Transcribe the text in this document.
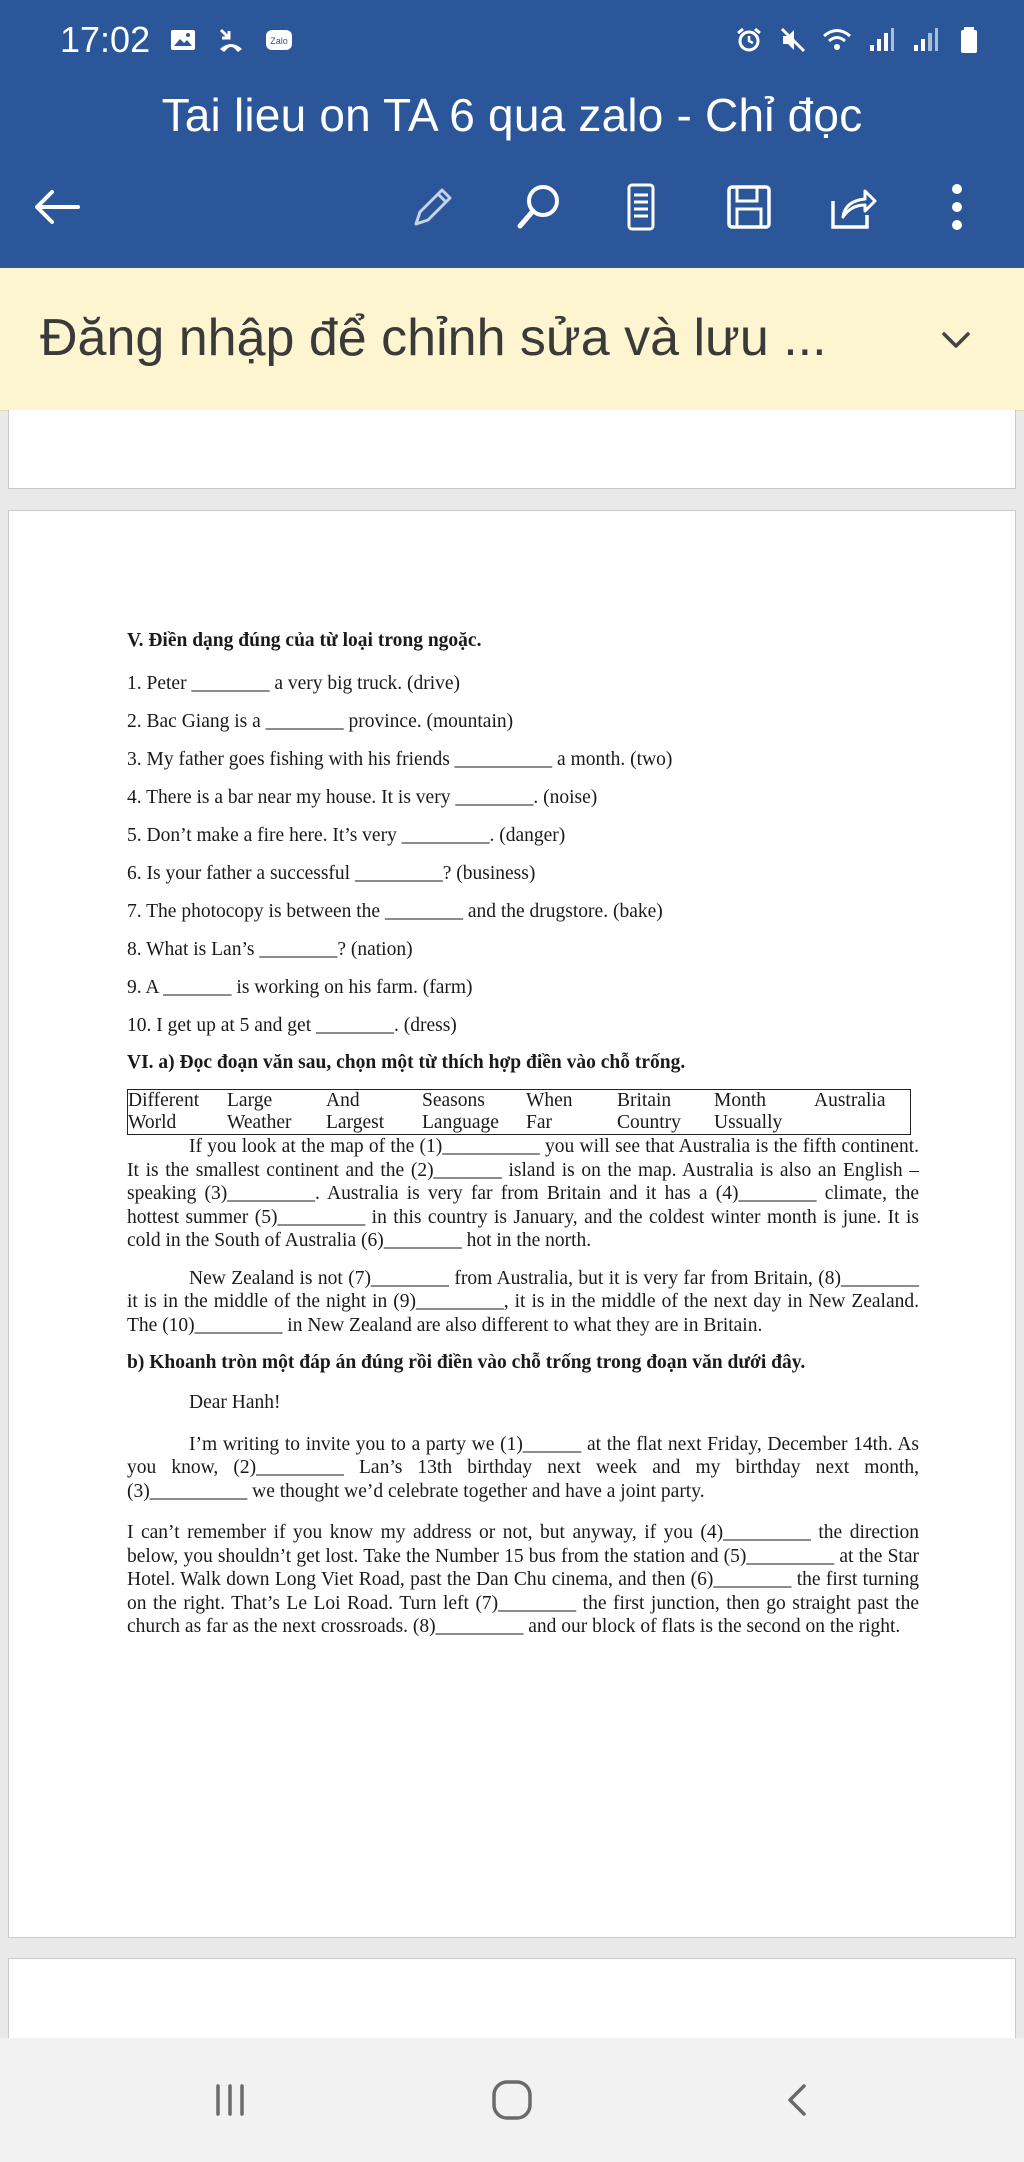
17:02	Zalo
Tai lieu on TA 6 qua zalo - Chỉ đọc
Đăng nhập để chỉnh sửa và lưu ...

V. Điền dạng đúng của từ loại trong ngoặc.

1. Peter ________ a very big truck. (drive)

2. Bac Giang is a ________ province. (mountain)

3. My father goes fishing with his friends __________ a month. (two)

4. There is a bar near my house. It is very ________. (noise)

5. Don’t make a fire here. It’s very _________. (danger)

6. Is your father a successful _________? (business)

7. The photocopy is between the ________ and the drugstore. (bake)

8. What is Lan’s ________? (nation)

9. A _______ is working on his farm. (farm)

10. I get up at 5 and get ________. (dress)

VI. a) Đọc đoạn văn sau, chọn một từ thích hợp điền vào chỗ trống.

Different	Large	And	Seasons	When	Britain	Month	Australia
World	Weather	Largest	Language	Far	Country	Ussually

If you look at the map of the (1)__________ you will see that Australia is the fifth continent. It is the smallest continent and the (2)_______ island is on the map. Australia is also an English – speaking (3)_________. Australia is very far from Britain and it has a (4)________ climate, the hottest summer (5)_________ in this country is January, and the coldest winter month is june. It is cold in the South of Australia (6)________ hot in the north.

New Zealand is not (7)________ from Australia, but it is very far from Britain, (8)________ it is in the middle of the night in (9)_________, it is in the middle of the next day in New Zealand. The (10)_________ in New Zealand are also different to what they are in Britain.

b) Khoanh tròn một đáp án đúng rồi điền vào chỗ trống trong đoạn văn dưới đây.

Dear Hanh!

I’m writing to invite you to a party we (1)______ at the flat next Friday, December 14th. As you know, (2)_________ Lan’s 13th birthday next week and my birthday next month, (3)__________ we thought we’d celebrate together and have a joint party.

I can’t remember if you know my address or not, but anyway, if you (4)_________ the direction below, you shouldn’t get lost. Take the Number 15 bus from the station and (5)_________ at the Star Hotel. Walk down Long Viet Road, past the Dan Chu cinema, and then (6)________ the first turning on the right. That’s Le Loi Road. Turn left (7)________ the first junction, then go straight past the church as far as the next crossroads. (8)_________ and our block of flats is the second on the right.
